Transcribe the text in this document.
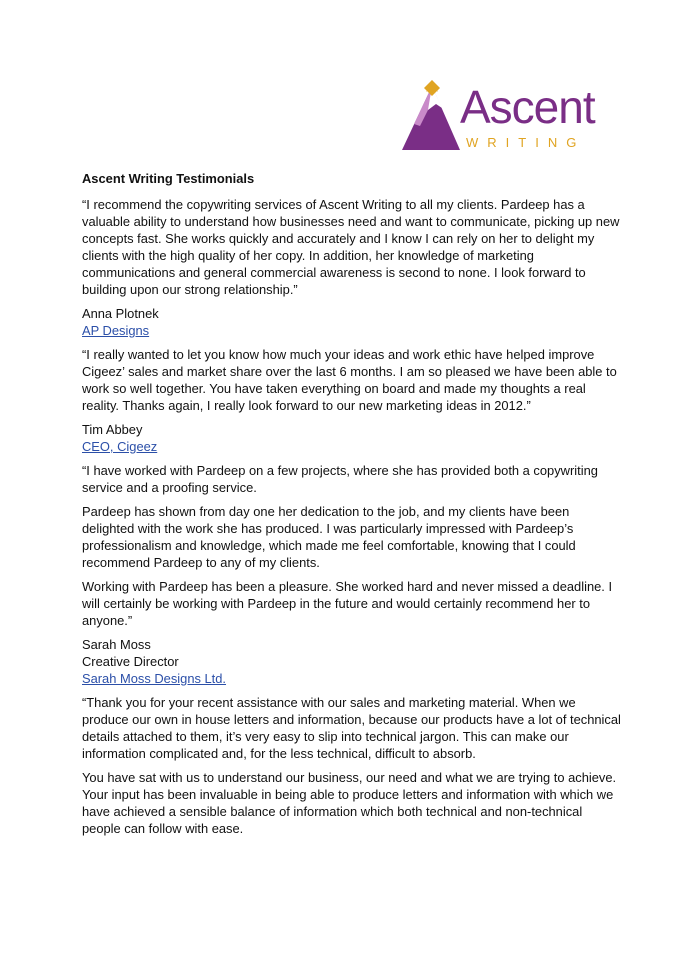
Ascent
WRITING
Ascent Writing Testimonials

“I recommend the copywriting services of Ascent Writing to all my clients. Pardeep has a valuable ability to understand how businesses need and want to communicate, picking up new concepts fast. She works quickly and accurately and I know I can rely on her to delight my clients with the high quality of her copy. In addition, her knowledge of marketing communications and general commercial awareness is second to none. I look forward to building upon our strong relationship.”

Anna Plotnek
AP Designs

“I really wanted to let you know how much your ideas and work ethic have helped improve Cigeez’ sales and market share over the last 6 months. I am so pleased we have been able to work so well together. You have taken everything on board and made my thoughts a real reality. Thanks again, I really look forward to our new marketing ideas in 2012.”

Tim Abbey
CEO, Cigeez

“I have worked with Pardeep on a few projects, where she has provided both a copywriting service and a proofing service.

Pardeep has shown from day one her dedication to the job, and my clients have been delighted with the work she has produced. I was particularly impressed with Pardeep’s professionalism and knowledge, which made me feel comfortable, knowing that I could recommend Pardeep to any of my clients.

Working with Pardeep has been a pleasure. She worked hard and never missed a deadline. I will certainly be working with Pardeep in the future and would certainly recommend her to anyone.”

Sarah Moss
Creative Director
Sarah Moss Designs Ltd.

“Thank you for your recent assistance with our sales and marketing material. When we produce our own in house letters and information, because our products have a lot of technical details attached to them, it’s very easy to slip into technical jargon. This can make our information complicated and, for the less technical, difficult to absorb.

You have sat with us to understand our business, our need and what we are trying to achieve. Your input has been invaluable in being able to produce letters and information with which we have achieved a sensible balance of information which both technical and non-technical people can follow with ease.
